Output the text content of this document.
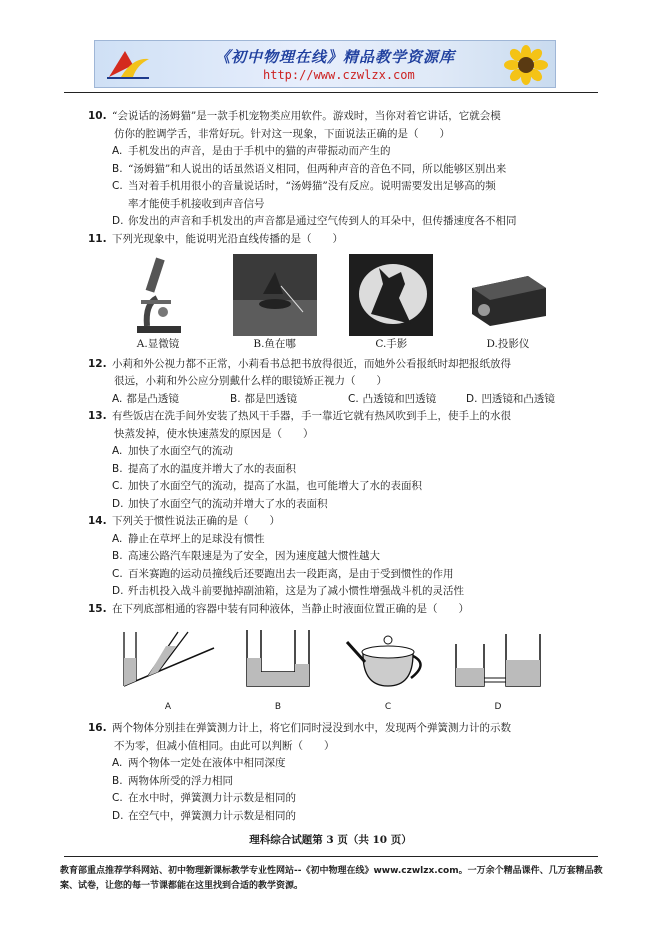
《初中物理在线》精品教学资源库
http://www.czwlzx.com
10. “会说话的汤姆猫”是一款手机宠物类应用软件。游戏时，当你对着它讲话，它就会模
仿你的腔调学舌，非常好玩。针对这一现象，下面说法正确的是（　　）
A. 手机发出的声音，是由于手机中的猫的声带振动而产生的
B. “汤姆猫”和人说出的话虽然语义相同，但两种声音的音色不同，所以能够区别出来
C. 当对着手机用很小的音量说话时，“汤姆猫”没有反应。说明需要发出足够高的频
率才能使手机接收到声音信号
D. 你发出的声音和手机发出的声音都是通过空气传到人的耳朵中，但传播速度各不相同
11. 下列光现象中，能说明光沿直线传播的是（　　）
A.显微镜	B.鱼在哪	C.手影	D.投影仪
12. 小莉和外公视力都不正常，小莉看书总把书放得很近，而她外公看报纸时却把报纸放得
很远，小莉和外公应分别戴什么样的眼镜矫正视力（　　）
A. 都是凸透镜	B. 都是凹透镜	C. 凸透镜和凹透镜	D. 凹透镜和凸透镜
13. 有些饭店在洗手间外安装了热风干手器，手一靠近它就有热风吹到手上，使手上的水很
快蒸发掉，使水快速蒸发的原因是（　　）
A. 加快了水面空气的流动
B. 提高了水的温度并增大了水的表面积
C. 加快了水面空气的流动，提高了水温，也可能增大了水的表面积
D. 加快了水面空气的流动并增大了水的表面积
14. 下列关于惯性说法正确的是（　　）
A. 静止在草坪上的足球没有惯性
B. 高速公路汽车限速是为了安全，因为速度越大惯性越大
C. 百米赛跑的运动员撞线后还要跑出去一段距离，是由于受到惯性的作用
D. 歼击机投入战斗前要抛掉副油箱，这是为了减小惯性增强战斗机的灵活性
15. 在下列底部相通的容器中装有同种液体，当静止时液面位置正确的是（　　）
A	B	C	D
16. 两个物体分别挂在弹簧测力计上，将它们同时浸没到水中，发现两个弹簧测力计的示数
不为零，但减小值相同。由此可以判断（　　）
A. 两个物体一定处在液体中相同深度
B. 两物体所受的浮力相同
C. 在水中时，弹簧测力计示数是相同的
D. 在空气中，弹簧测力计示数是相同的
理科综合试题第 3 页（共 10 页）
教育部重点推荐学科网站、初中物理新课标教学专业性网站--《初中物理在线》www.czwlzx.com。一万余个精品课件、几万套精品教案、试卷，让您的每一节课都能在这里找到合适的教学资源。
